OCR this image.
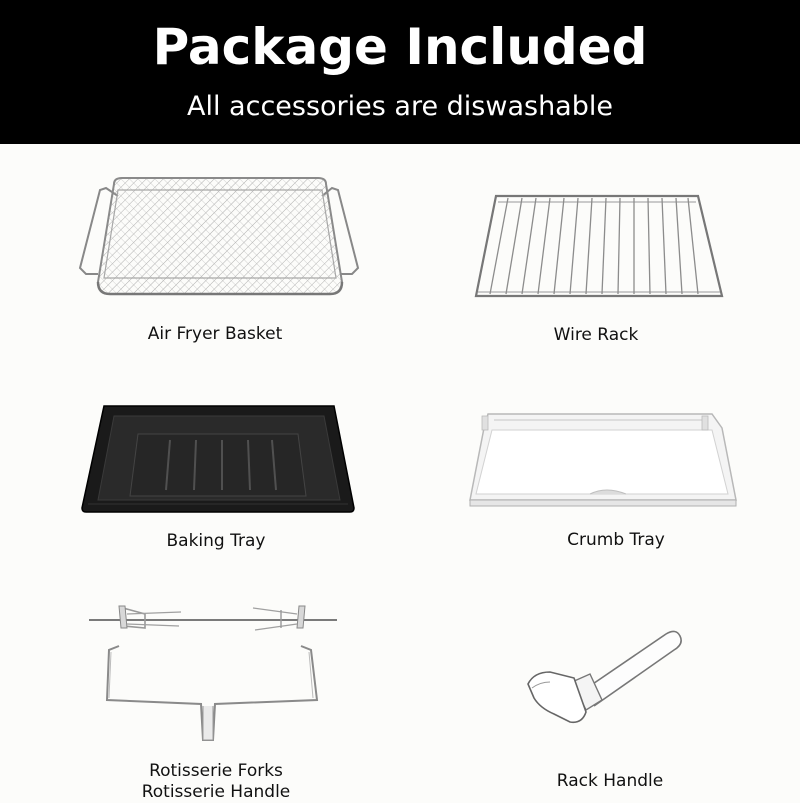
Package Included
All accessories are diswashable
Air Fryer Basket	Wire Rack
Baking Tray	Crumb Tray
Rotisserie Forks
Rotisserie Handle
Rack Handle
